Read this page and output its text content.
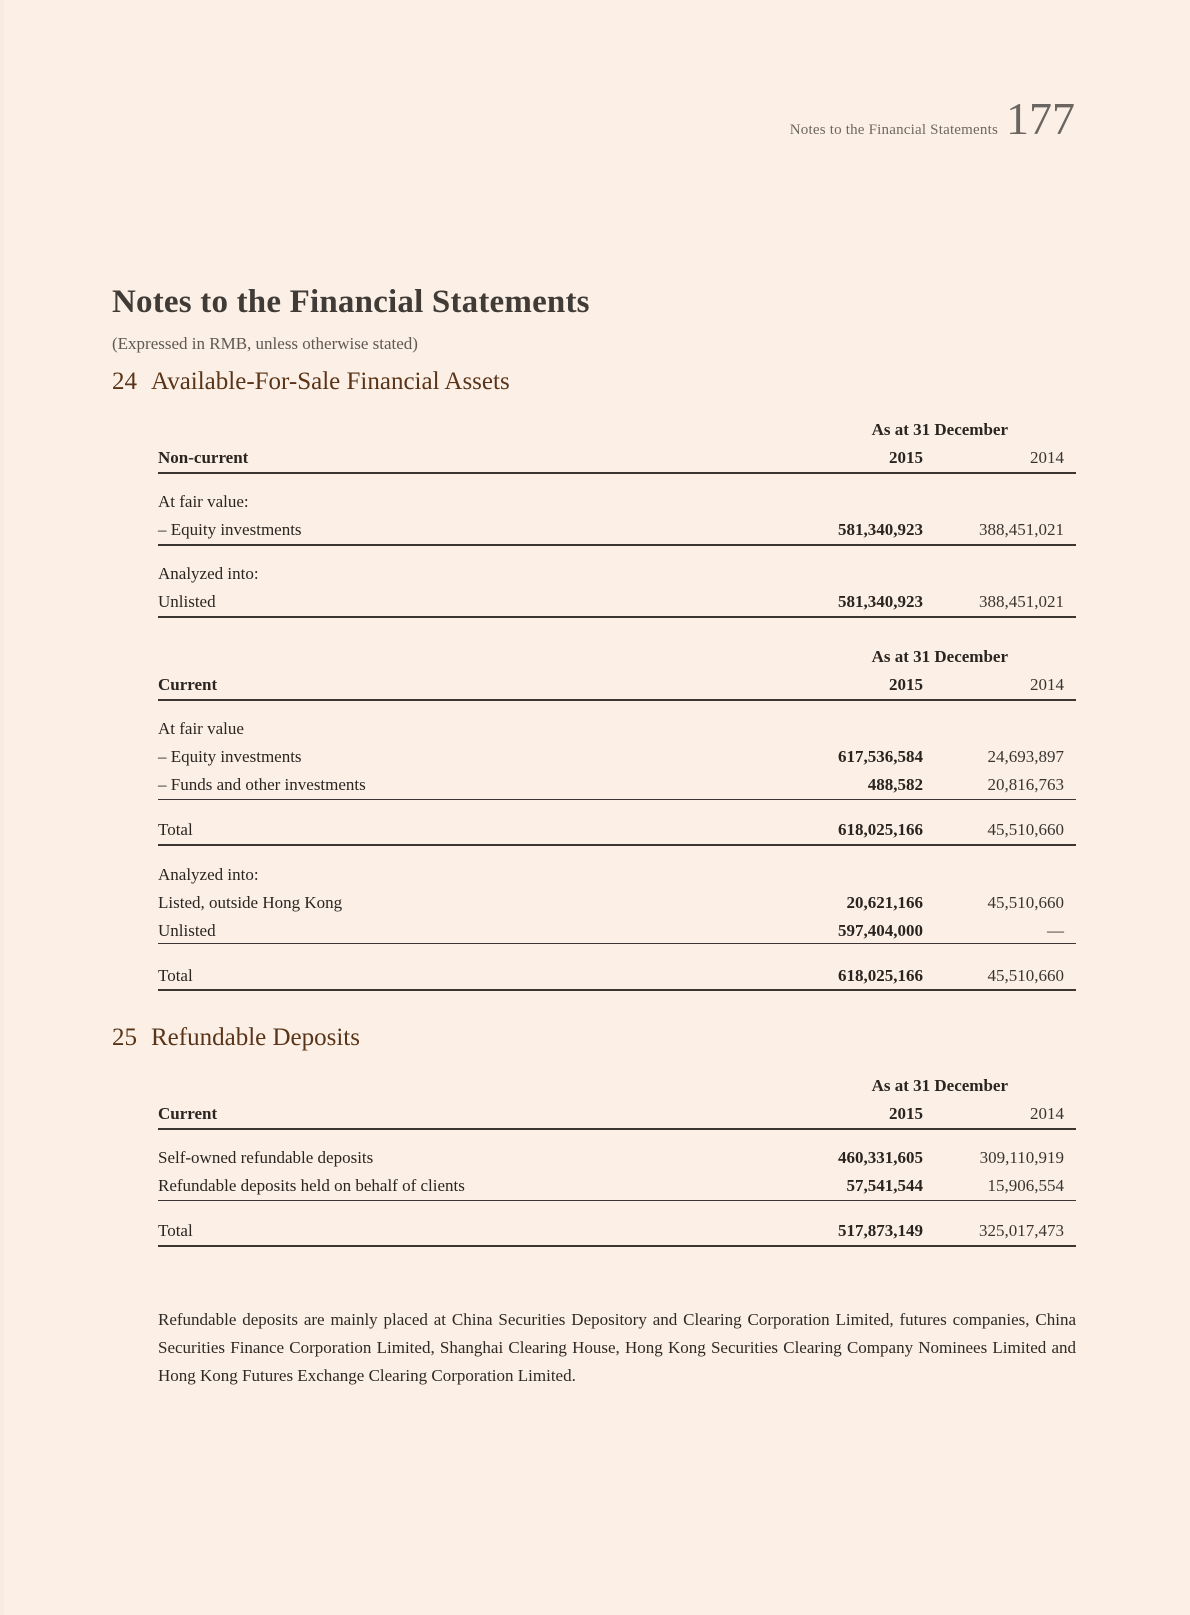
Notes to the Financial Statements 177
Notes to the Financial Statements
(Expressed in RMB, unless otherwise stated)
24 Available-For-Sale Financial Assets
As at 31 December
Non-current	2015	2014
At fair value:
– Equity investments	581,340,923	388,451,021
Analyzed into:
Unlisted	581,340,923	388,451,021
As at 31 December
Current	2015	2014
At fair value
– Equity investments	617,536,584	24,693,897
– Funds and other investments	488,582	20,816,763
Total	618,025,166	45,510,660
Analyzed into:
Listed, outside Hong Kong	20,621,166	45,510,660
Unlisted	597,404,000	—
Total	618,025,166	45,510,660
25 Refundable Deposits
As at 31 December
Current	2015	2014
Self-owned refundable deposits	460,331,605	309,110,919
Refundable deposits held on behalf of clients	57,541,544	15,906,554
Total	517,873,149	325,017,473

Refundable deposits are mainly placed at China Securities Depository and Clearing Corporation Limited, futures companies, China Securities Finance Corporation Limited, Shanghai Clearing House, Hong Kong Securities Clearing Company Nominees Limited and Hong Kong Futures Exchange Clearing Corporation Limited.
